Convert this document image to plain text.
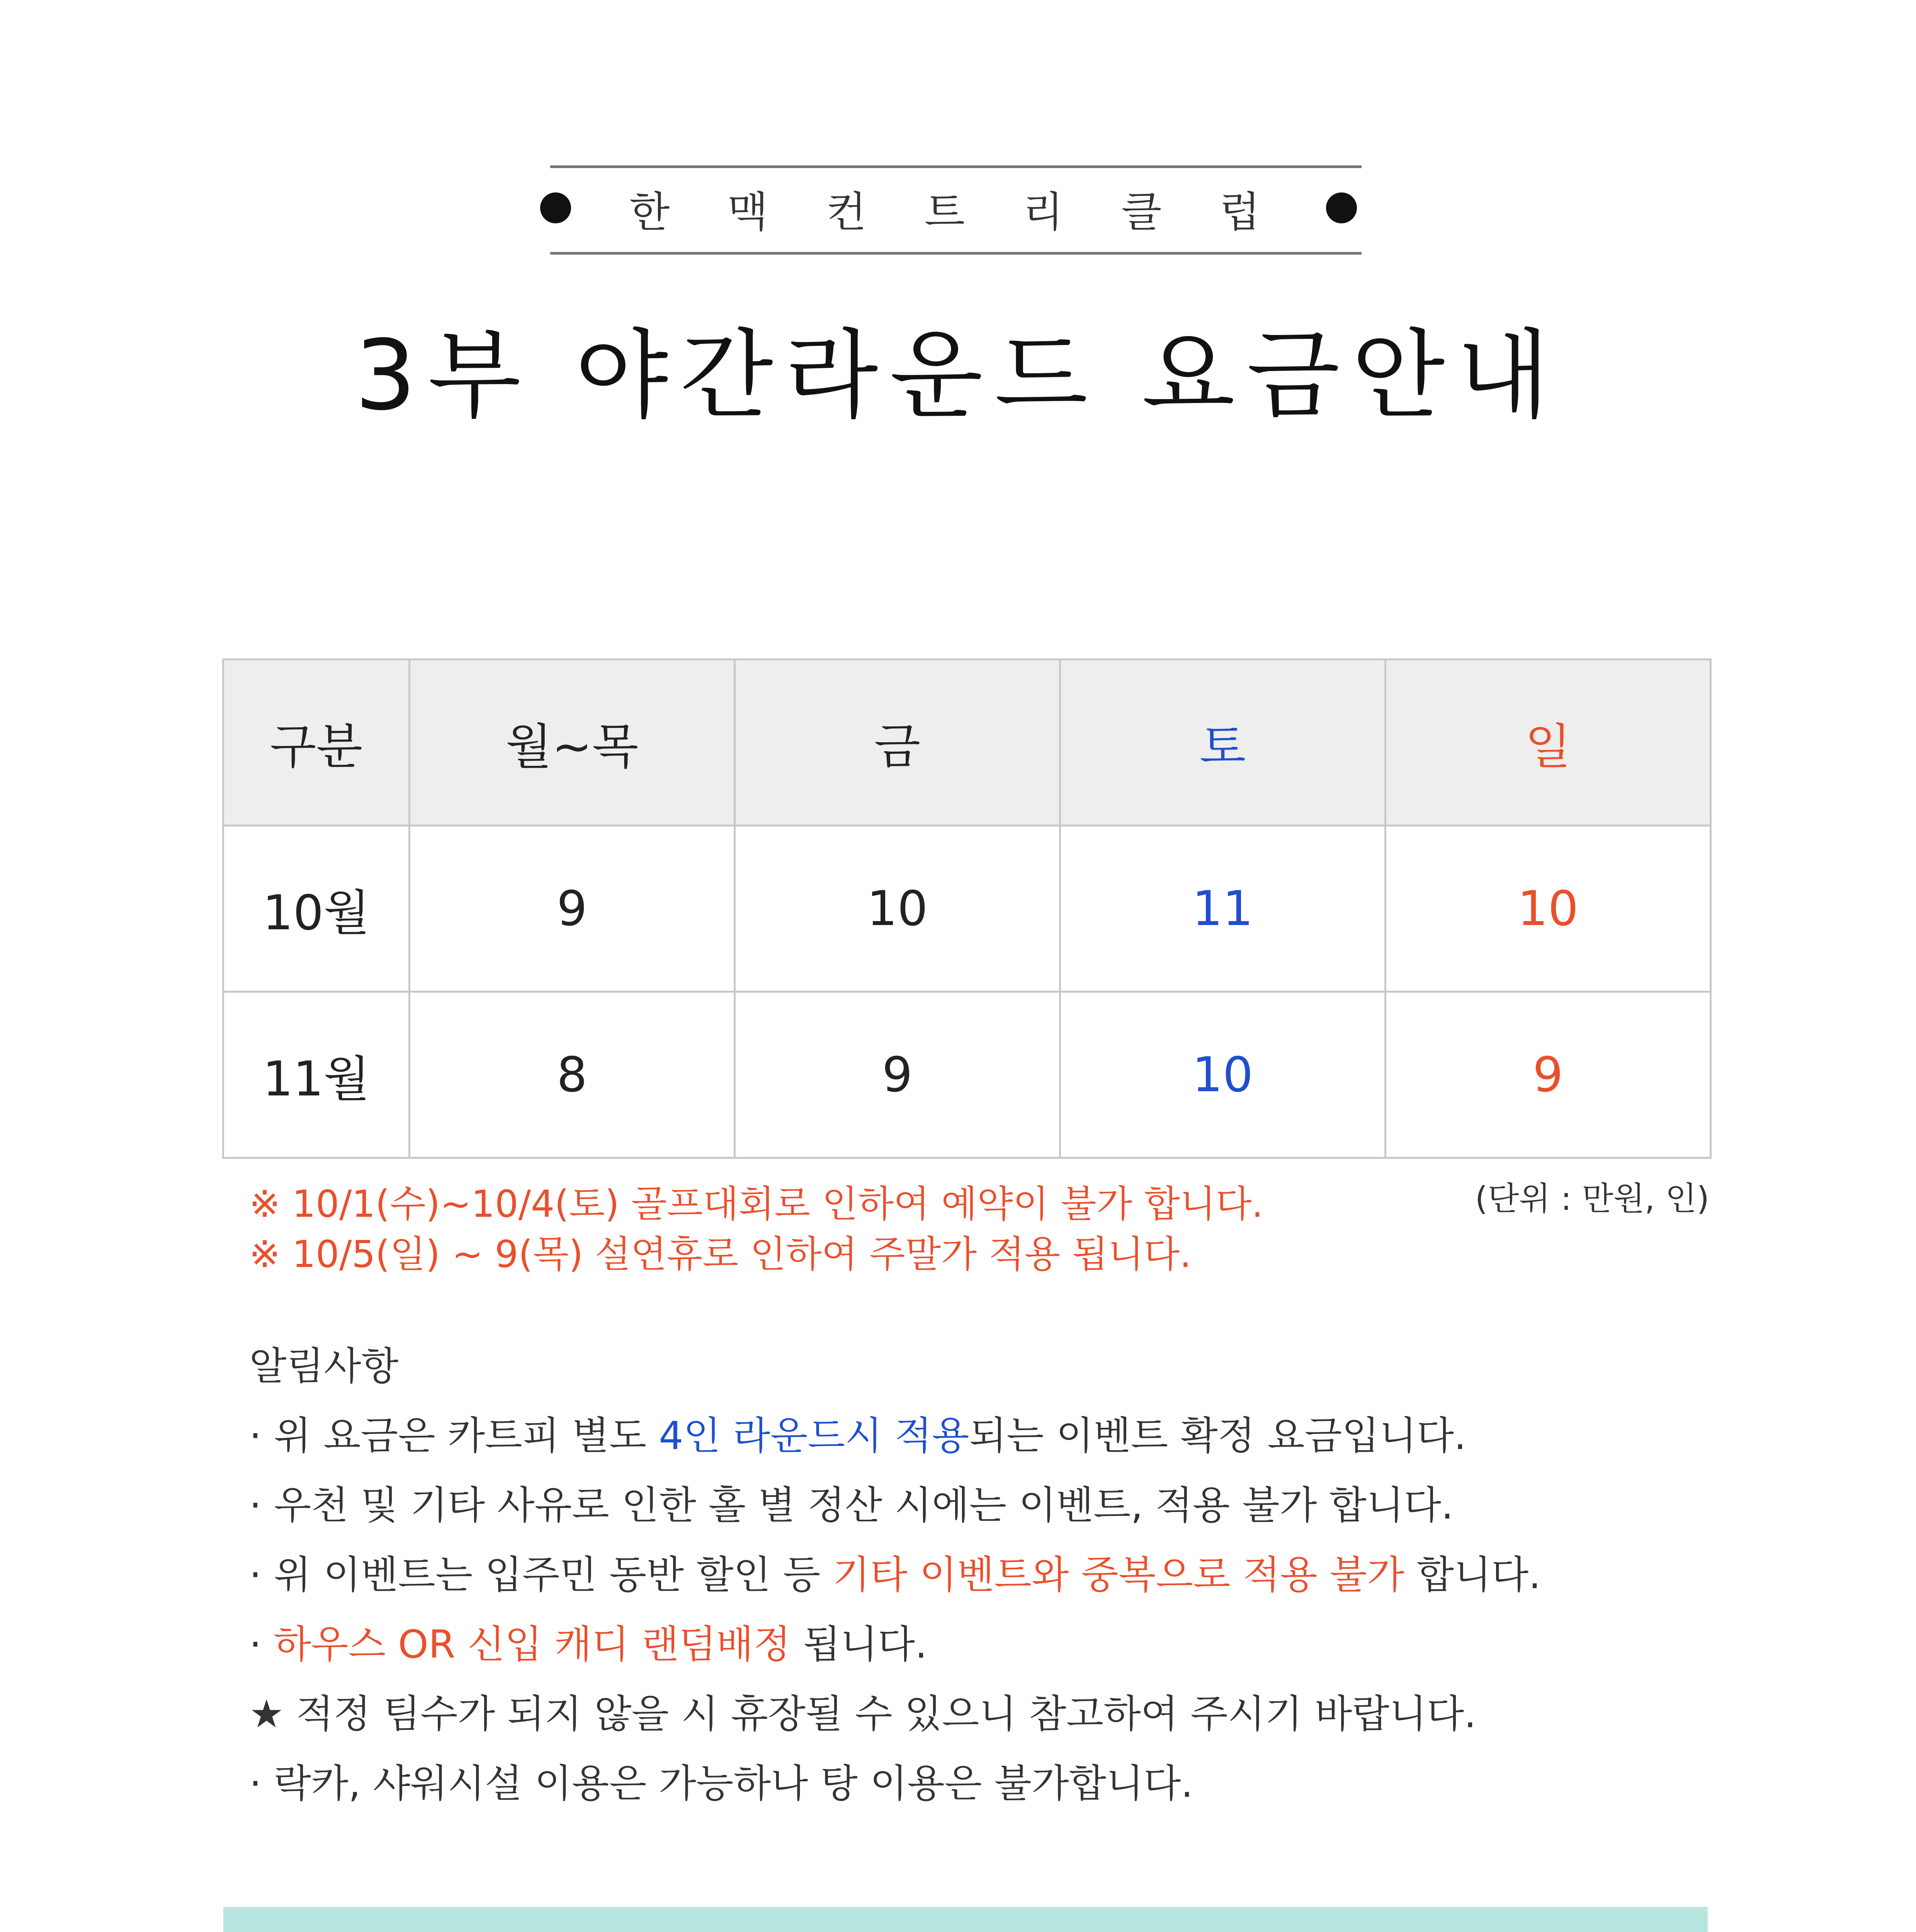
한 맥 컨 트 리 클 럽
3부 야간라운드 요금안내
구분	월~목	금	토	일
10월	9	10	11	10
11월	8	9	10	9
(단위 : 만원, 인)
※ 10/1(수)~10/4(토) 골프대회로 인하여 예약이 불가 합니다.
※ 10/5(일) ~ 9(목) 설연휴로 인하여 주말가 적용 됩니다.
알림사항
· 위 요금은 카트피 별도 4인 라운드시 적용되는 이벤트 확정 요금입니다.
· 우천 및 기타 사유로 인한 홀 별 정산 시에는 이벤트, 적용 불가 합니다.
· 위 이벤트는 입주민 동반 할인 등 기타 이벤트와 중복으로 적용 불가 합니다.
· 하우스 OR 신입 캐디 랜덤배정 됩니다.
★ 적정 팀수가 되지 않을 시 휴장될 수 있으니 참고하여 주시기 바랍니다.
· 락카, 샤워시설 이용은 가능하나 탕 이용은 불가합니다.
